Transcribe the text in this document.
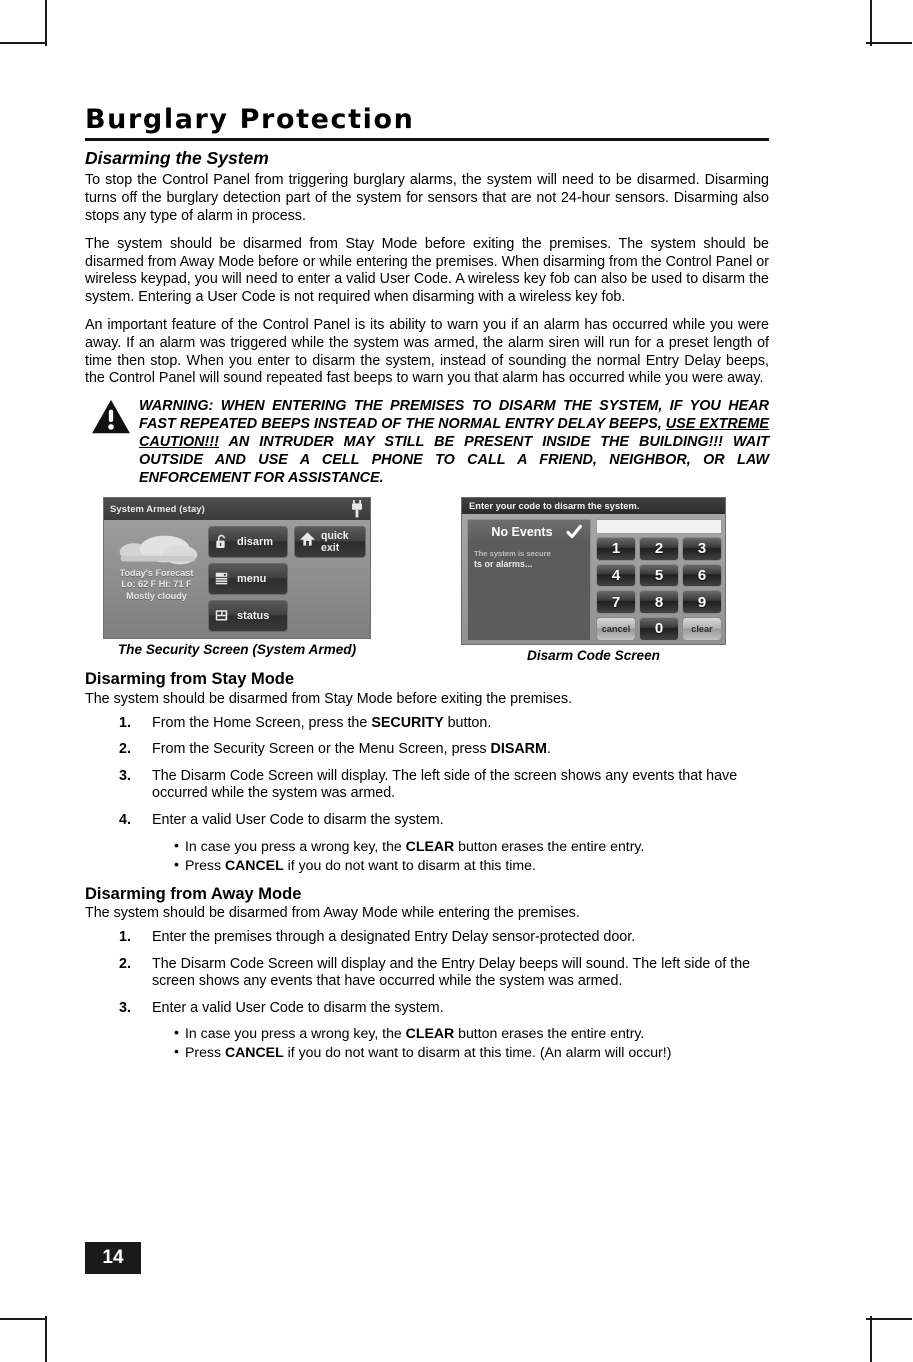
Burglary Protection
Disarming the System

To stop the Control Panel from triggering burglary alarms, the system will need to be disarmed. Disarming turns off the burglary detection part of the system for sensors that are not 24-hour sensors. Disarming also stops any type of alarm in process.

The system should be disarmed from Stay Mode before exiting the premises. The system should be disarmed from Away Mode before or while entering the premises. When disarming from the Control Panel or wireless keypad, you will need to enter a valid User Code. A wireless key fob can also be used to disarm the system. Entering a User Code is not required when disarming with a wireless key fob.

An important feature of the Control Panel is its ability to warn you if an alarm has occurred while you were away. If an alarm was triggered while the system was armed, the alarm siren will run for a preset length of time then stop. When you enter to disarm the system, instead of sounding the normal Entry Delay beeps, the Control Panel will sound repeated fast beeps to warn you that alarm has occurred while you were away.

WARNING: WHEN ENTERING THE PREMISES TO DISARM THE SYSTEM, IF YOU HEAR FAST REPEATED BEEPS INSTEAD OF THE NORMAL ENTRY DELAY BEEPS, USE EXTREME CAUTION!!! AN INTRUDER MAY STILL BE PRESENT INSIDE THE BUILDING!!! WAIT OUTSIDE AND USE A CELL PHONE TO CALL A FRIEND, NEIGHBOR, OR LAW ENFORCEMENT FOR ASSISTANCE.
System Armed (stay)
Today's Forecast
Lo: 62 F Hi: 71 F
Mostly cloudy
disarm
menu
status
quick
exit
The Security Screen (System Armed)
Enter your code to disarm the system.
No Events
The system is secure
ts or alarms...
1	2	3
4	5	6
7	8	9
cancel	0	clear
Disarm Code Screen
Disarming from Stay Mode

The system should be disarmed from Stay Mode before exiting the premises.

1.	From the Home Screen, press the SECURITY button.
2.	From the Security Screen or the Menu Screen, press DISARM.
3.	The Disarm Code Screen will display. The left side of the screen shows any events that have occurred while the system was armed.
4.	Enter a valid User Code to disarm the system.
• In case you press a wrong key, the CLEAR button erases the entire entry.
• Press CANCEL if you do not want to disarm at this time.
Disarming from Away Mode

The system should be disarmed from Away Mode while entering the premises.

1.	Enter the premises through a designated Entry Delay sensor-protected door.
2.	The Disarm Code Screen will display and the Entry Delay beeps will sound. The left side of the screen shows any events that have occurred while the system was armed.
3.	Enter a valid User Code to disarm the system.
• In case you press a wrong key, the CLEAR button erases the entire entry.
• Press CANCEL if you do not want to disarm at this time. (An alarm will occur!)
14
